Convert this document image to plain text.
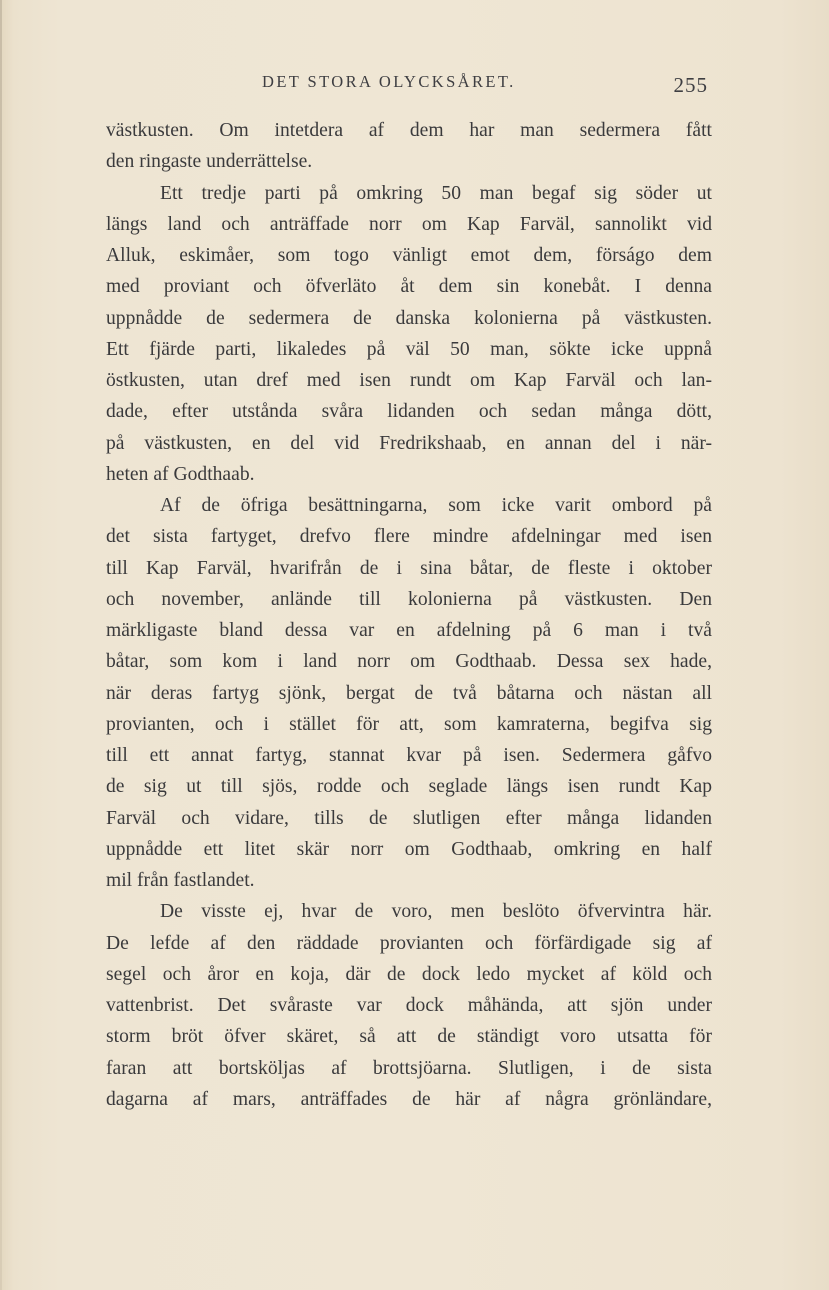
DET STORA OLYCKSÅRET.	255
västkusten. Om intetdera af dem har man sedermera fått
den ringaste underrättelse.
Ett tredje parti på omkring 50 man begaf sig söder ut
längs land och anträffade norr om Kap Farväl, sannolikt vid
Alluk, eskimåer, som togo vänligt emot dem, förságo dem
med proviant och öfverläto åt dem sin konebåt. I denna
uppnådde de sedermera de danska kolonierna på västkusten.
Ett fjärde parti, likaledes på väl 50 man, sökte icke uppnå
östkusten, utan dref med isen rundt om Kap Farväl och lan-
dade, efter utstånda svåra lidanden och sedan många dött,
på västkusten, en del vid Fredrikshaab, en annan del i när-
heten af Godthaab.
Af de öfriga besättningarna, som icke varit ombord på
det sista fartyget, drefvo flere mindre afdelningar med isen
till Kap Farväl, hvarifrån de i sina båtar, de fleste i oktober
och november, anlände till kolonierna på västkusten. Den
märkligaste bland dessa var en afdelning på 6 man i två
båtar, som kom i land norr om Godthaab. Dessa sex hade,
när deras fartyg sjönk, bergat de två båtarna och nästan all
provianten, och i stället för att, som kamraterna, begifva sig
till ett annat fartyg, stannat kvar på isen. Sedermera gåfvo
de sig ut till sjös, rodde och seglade längs isen rundt Kap
Farväl och vidare, tills de slutligen efter många lidanden
uppnådde ett litet skär norr om Godthaab, omkring en half
mil från fastlandet.
De visste ej, hvar de voro, men beslöto öfvervintra här.
De lefde af den räddade provianten och förfärdigade sig af
segel och åror en koja, där de dock ledo mycket af köld och
vattenbrist. Det svåraste var dock måhända, att sjön under
storm bröt öfver skäret, så att de ständigt voro utsatta för
faran att bortsköljas af brottsjöarna. Slutligen, i de sista
dagarna af mars, anträffades de här af några grönländare,
